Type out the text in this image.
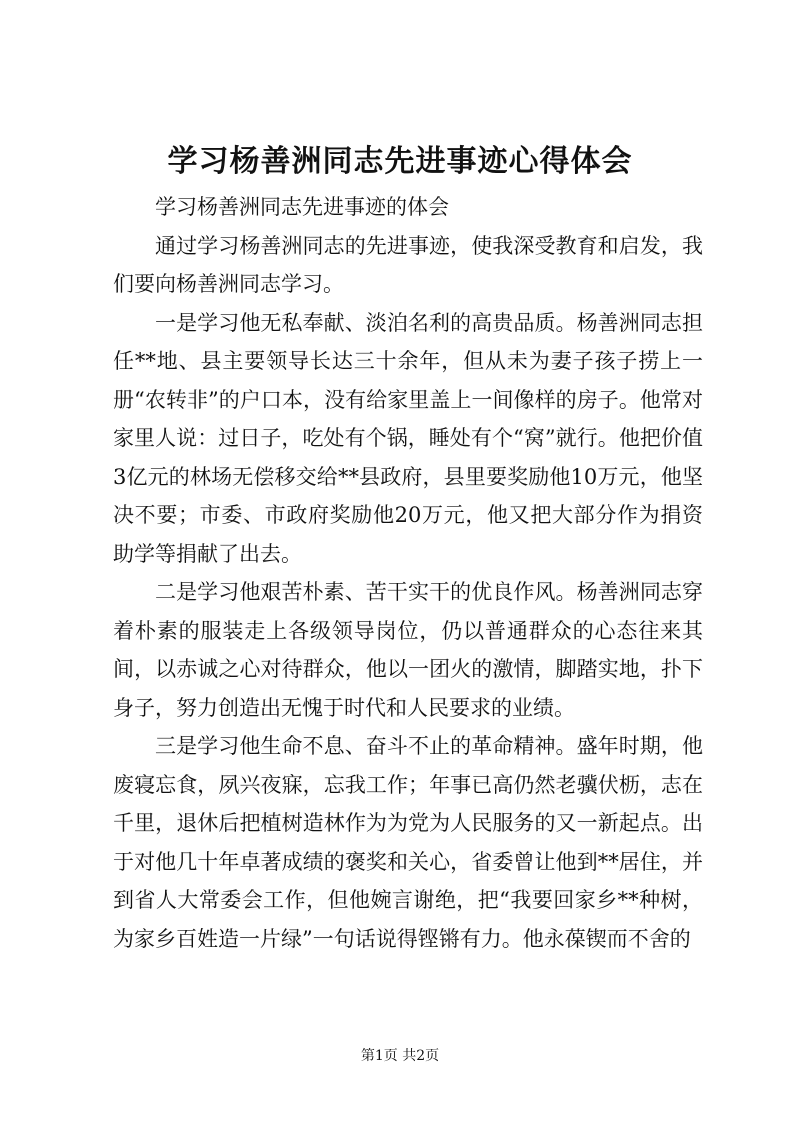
学习杨善洲同志先进事迹心得体会

学习杨善洲同志先进事迹的体会

通过学习杨善洲同志的先进事迹，使我深受教育和启发，我们要向杨善洲同志学习。

一是学习他无私奉献、淡泊名利的高贵品质。杨善洲同志担任**地、县主要领导长达三十余年，但从未为妻子孩子捞上一册“农转非”的户口本，没有给家里盖上一间像样的房子。他常对家里人说：过日子，吃处有个锅，睡处有个“窝”就行。他把价值3亿元的林场无偿移交给**县政府，县里要奖励他10万元，他坚决不要；市委、市政府奖励他20万元，他又把大部分作为捐资助学等捐献了出去。

二是学习他艰苦朴素、苦干实干的优良作风。杨善洲同志穿着朴素的服装走上各级领导岗位，仍以普通群众的心态往来其间，以赤诚之心对待群众，他以一团火的激情，脚踏实地，扑下身子，努力创造出无愧于时代和人民要求的业绩。

三是学习他生命不息、奋斗不止的革命精神。盛年时期，他废寝忘食，夙兴夜寐，忘我工作；年事已高仍然老骥伏枥，志在千里，退休后把植树造林作为为党为人民服务的又一新起点。出于对他几十年卓著成绩的褒奖和关心，省委曾让他到**居住，并到省人大常委会工作，但他婉言谢绝，把“我要回家乡**种树，为家乡百姓造一片绿”一句话说得铿锵有力。他永葆锲而不舍的

第1页 共2页
